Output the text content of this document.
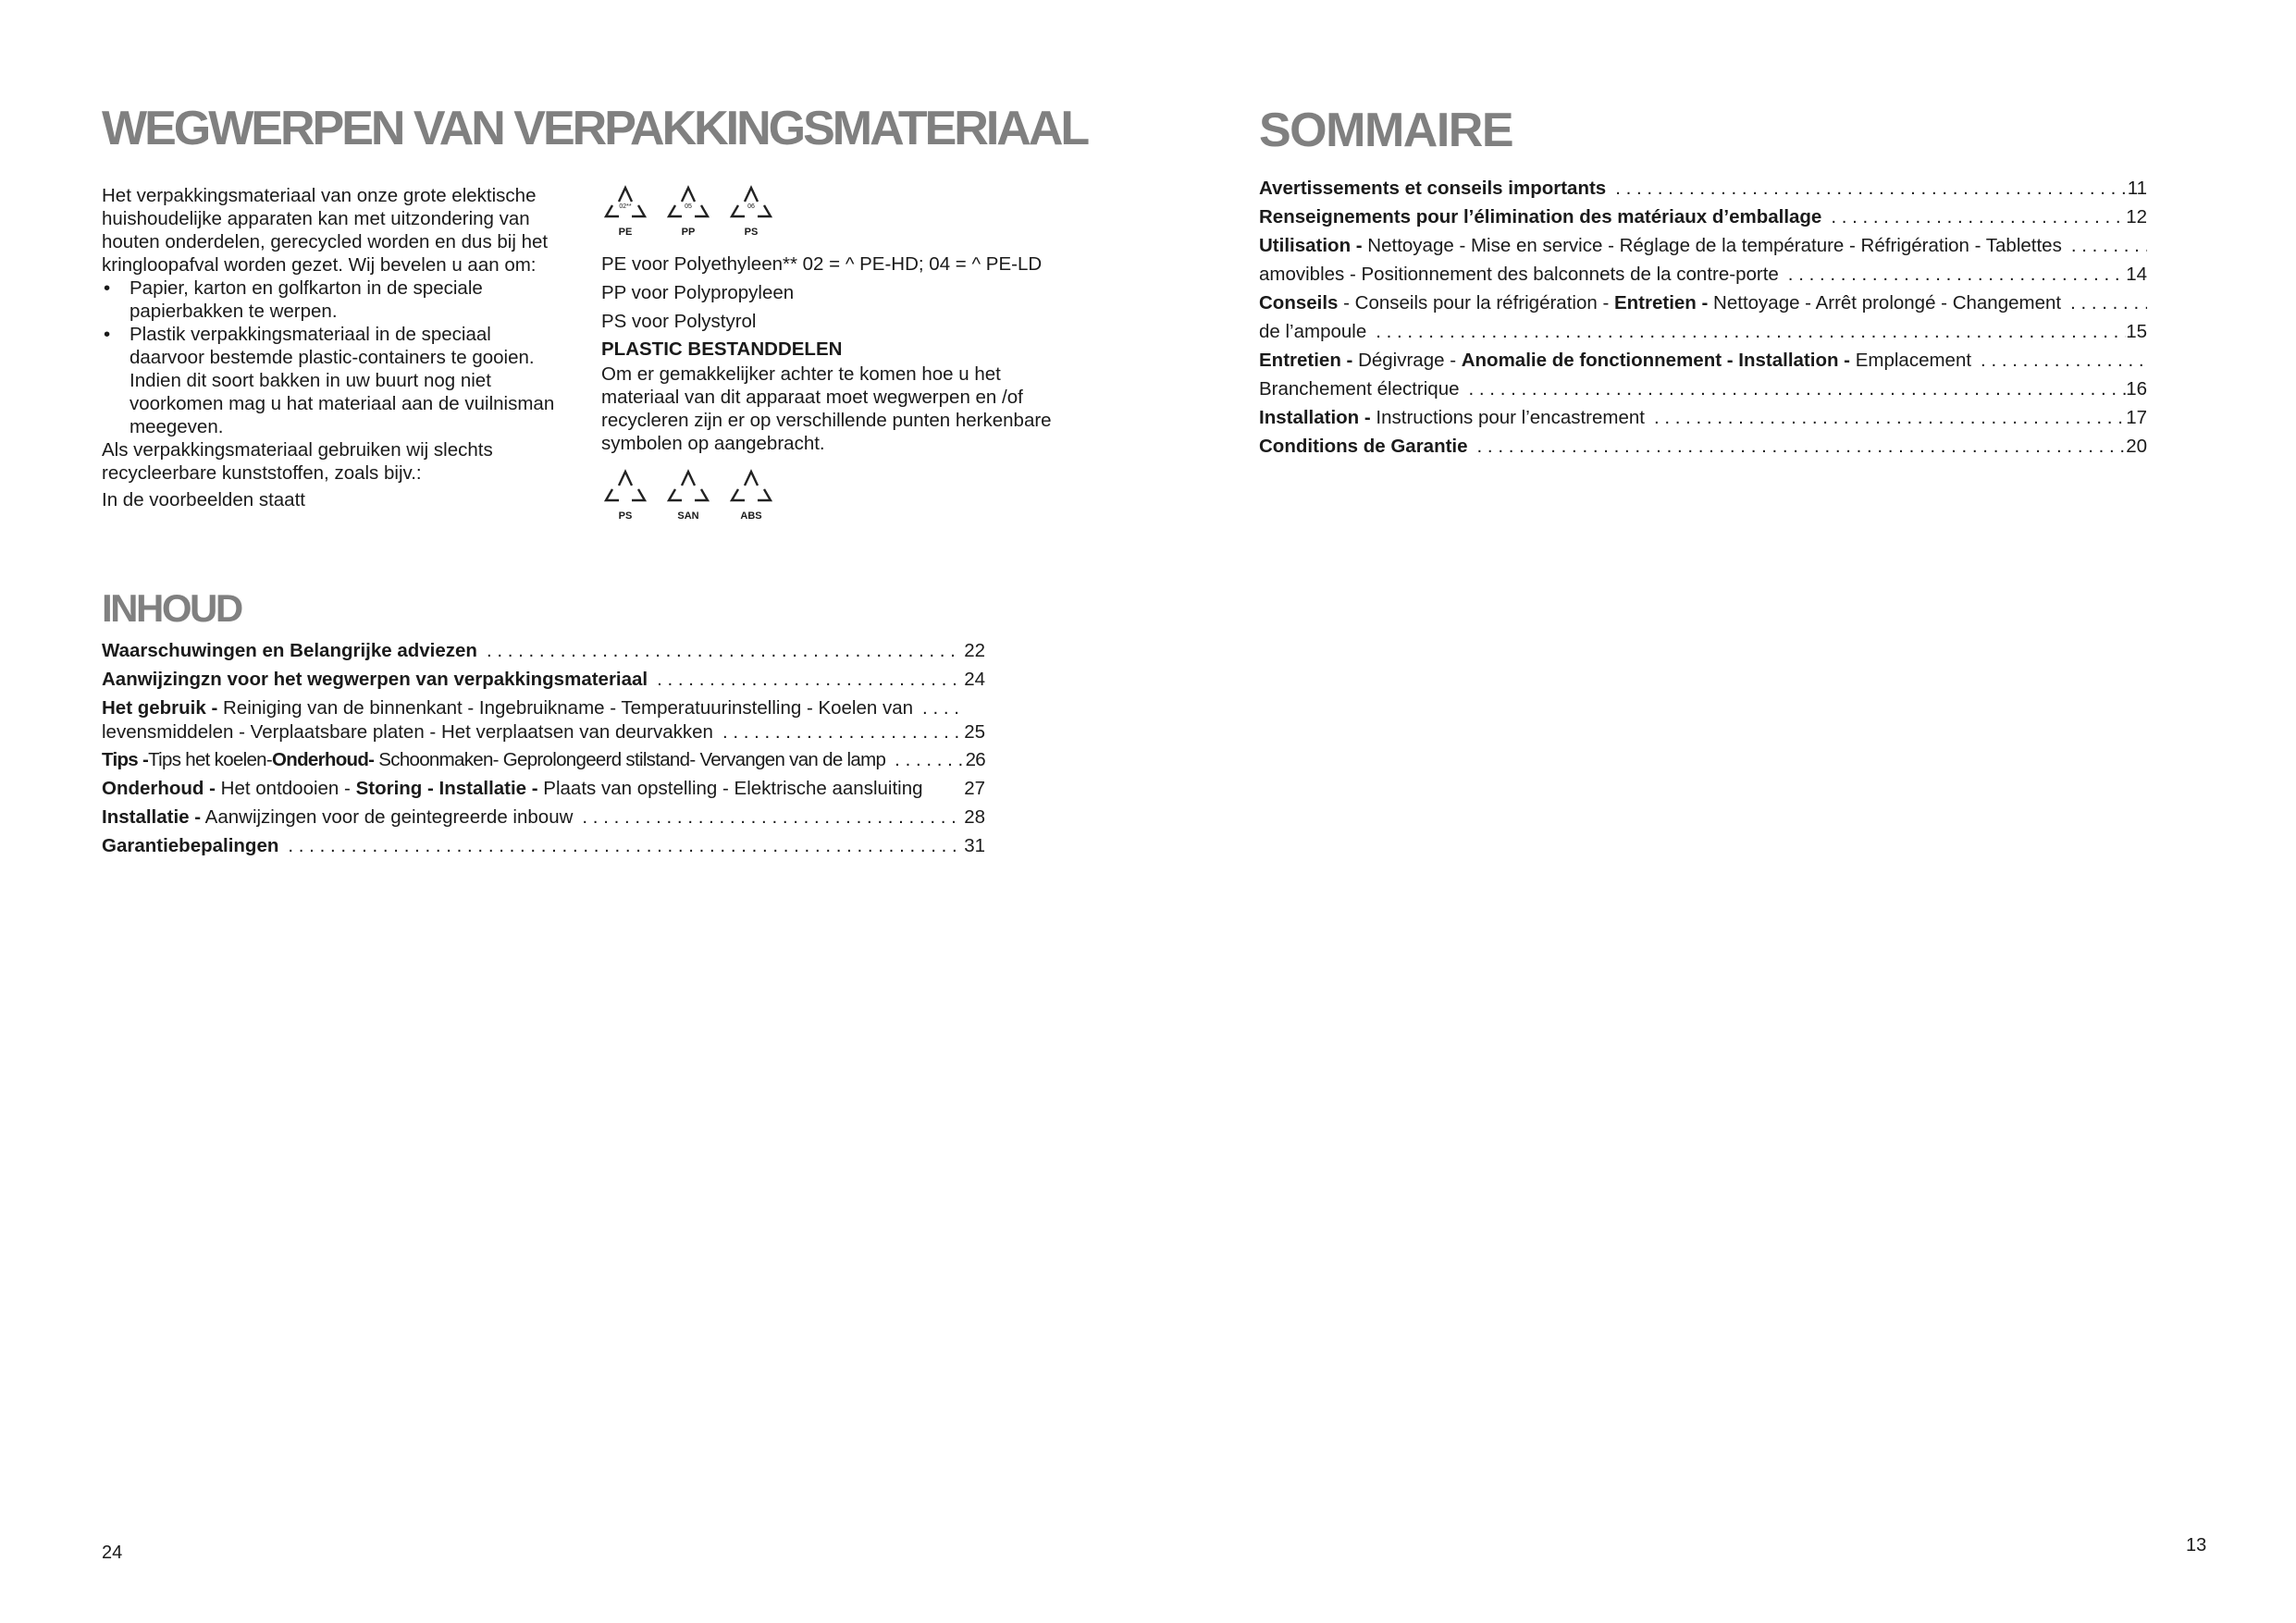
WEGWERPEN VAN VERPAKKINGSMATERIAAL

Het verpakkingsmateriaal van onze grote elektische huishoudelijke apparaten kan met uitzondering van houten onderdelen, gerecycled worden en dus bij het kringloopafval worden gezet. Wij bevelen u aan om:

• Papier, karton en golfkarton in de speciale papierbakken te werpen.
• Plastik verpakkingsmateriaal in de speciaal daarvoor bestemde plastic-containers te gooien. Indien dit soort bakken in uw buurt nog niet voorkomen mag u hat materiaal aan de vuilnisman meegeven.

Als verpakkingsmateriaal gebruiken wij slechts recycleerbare kunststoffen, zoals bijv.:

In de voorbeelden staatt

02**
PE
05
PP
06
PS

PE voor Polyethyleen** 02 = ^ PE-HD; 04 = ^ PE-LD

PP voor Polypropyleen

PS voor Polystyrol

PLASTIC BESTANDDELEN

Om er gemakkelijker achter te komen hoe u het materiaal van dit apparaat moet wegwerpen en /of recycleren zijn er op verschillende punten herkenbare symbolen op aangebracht.

PS	SAN	ABS
INHOUD
Waarschuwingen en Belangrijke adviezen . . .	22
Aanwijzingzn voor het wegwerpen van verpakkingsmateriaal . . .	24
Het gebruik - Reiniging van de binnenkant - Ingebruikname - Temperatuurinstelling - Koelen van
. . .
levensmiddelen - Verplaatsbare platen - Het verplaatsen van deurvakken . . .	25
Tips -Tips het koelen-Onderhoud- Schoonmaken- Geprolongeerd stilstand- Vervangen van de lamp . . .	26
Onderhoud - Het ontdooien - Storing - Installatie - Plaats van opstelling - Elektrische aansluiting 27
Installatie - Aanwijzingen voor de geintegreerde inbouw . . .	28
Garantiebepalingen . . .	31
24
SOMMAIRE
Avertissements et conseils importants . . .	11
Renseignements pour l’élimination des matériaux d’emballage . . .	12
Utilisation - Nettoyage - Mise en service - Réglage de la température - Réfrigération - Tablettes
. . .
amovibles - Positionnement des balconnets de la contre-porte . . .	14
Conseils - Conseils pour la réfrigération - Entretien - Nettoyage - Arrêt prolongé - Changement
. . .
de l’ampoule . . .	15
Entretien - Dégivrage - Anomalie de fonctionnement - Installation - Emplacement
. . .
Branchement électrique . . .	16
Installation - Instructions pour l’encastrement . . .	17
Conditions de Garantie . . .	20
13
